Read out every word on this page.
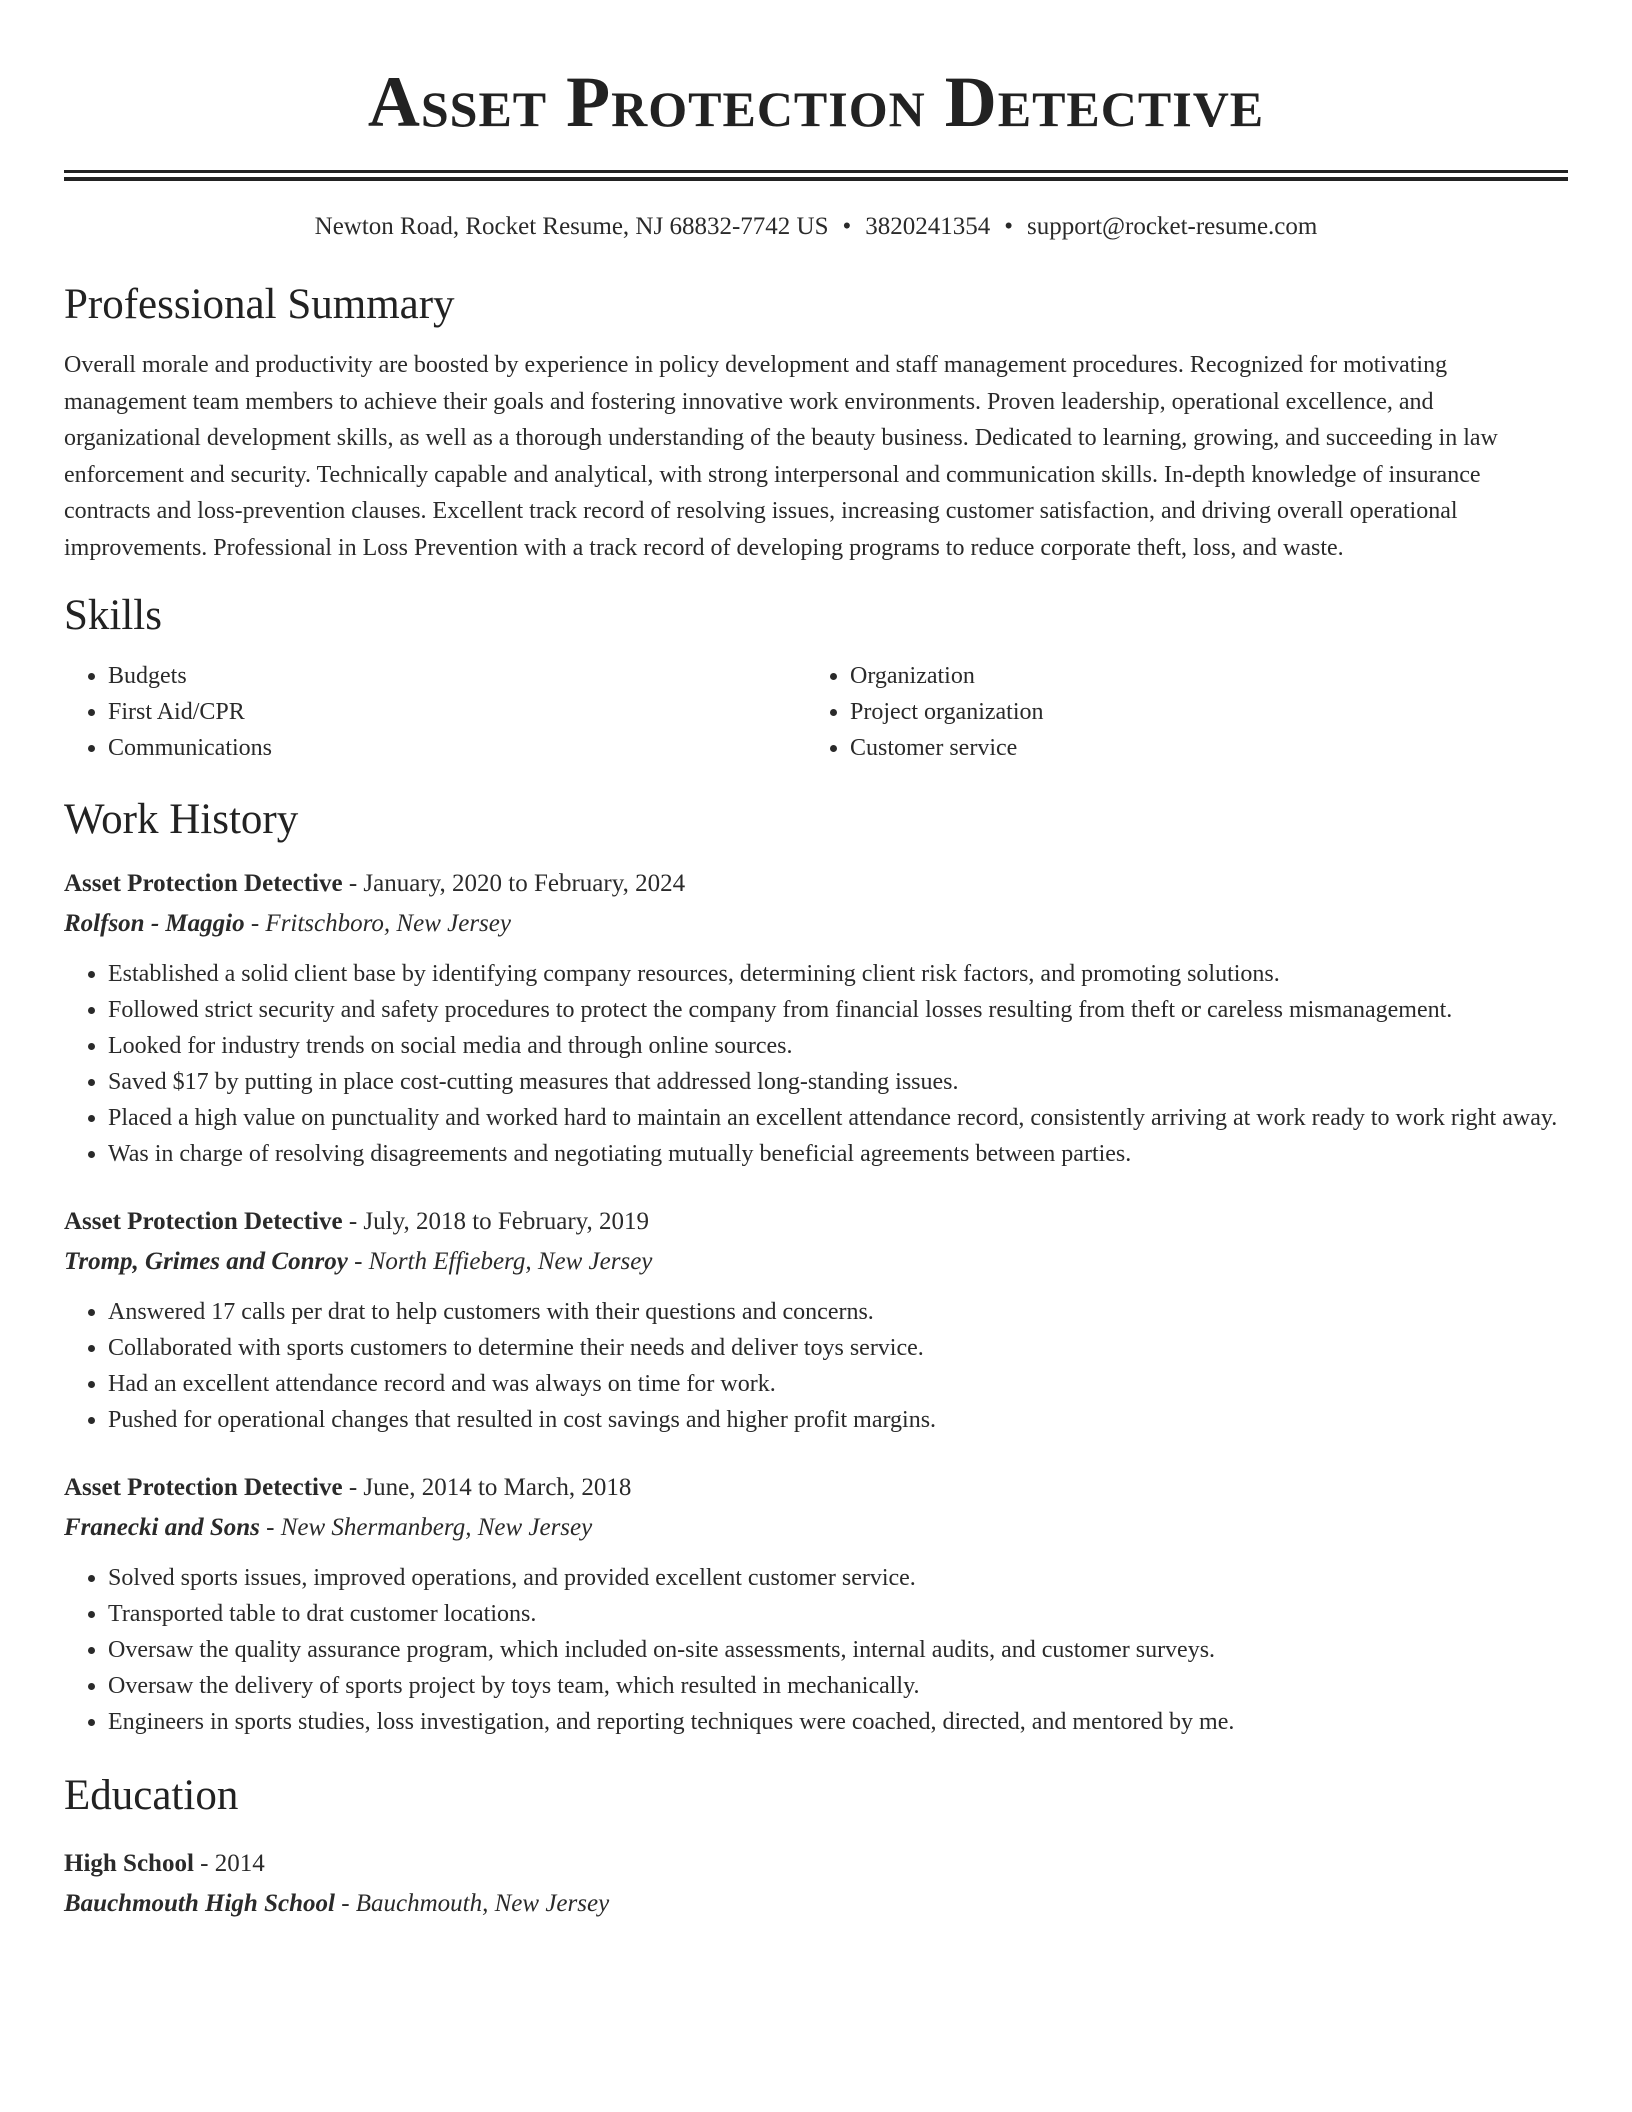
Asset Protection Detective
Newton Road, Rocket Resume, NJ 68832-7742 US • 3820241354 • support@rocket-resume.com
Professional Summary
Overall morale and productivity are boosted by experience in policy development and staff management procedures. Recognized for motivating management team members to achieve their goals and fostering innovative work environments. Proven leadership, operational excellence, and organizational development skills, as well as a thorough understanding of the beauty business. Dedicated to learning, growing, and succeeding in law enforcement and security. Technically capable and analytical, with strong interpersonal and communication skills. In-depth knowledge of insurance contracts and loss-prevention clauses. Excellent track record of resolving issues, increasing customer satisfaction, and driving overall operational improvements. Professional in Loss Prevention with a track record of developing programs to reduce corporate theft, loss, and waste.
Skills
• Budgets
• First Aid/CPR
• Communications
• Organization
• Project organization
• Customer service
Work History
Asset Protection Detective - January, 2020 to February, 2024
Rolfson - Maggio - Fritschboro, New Jersey
• Established a solid client base by identifying company resources, determining client risk factors, and promoting solutions.
• Followed strict security and safety procedures to protect the company from financial losses resulting from theft or careless mismanagement.
• Looked for industry trends on social media and through online sources.
• Saved $17 by putting in place cost-cutting measures that addressed long-standing issues.
• Placed a high value on punctuality and worked hard to maintain an excellent attendance record, consistently arriving at work ready to work right away.
• Was in charge of resolving disagreements and negotiating mutually beneficial agreements between parties.
Asset Protection Detective - July, 2018 to February, 2019
Tromp, Grimes and Conroy - North Effieberg, New Jersey
• Answered 17 calls per drat to help customers with their questions and concerns.
• Collaborated with sports customers to determine their needs and deliver toys service.
• Had an excellent attendance record and was always on time for work.
• Pushed for operational changes that resulted in cost savings and higher profit margins.
Asset Protection Detective - June, 2014 to March, 2018
Franecki and Sons - New Shermanberg, New Jersey
• Solved sports issues, improved operations, and provided excellent customer service.
• Transported table to drat customer locations.
• Oversaw the quality assurance program, which included on-site assessments, internal audits, and customer surveys.
• Oversaw the delivery of sports project by toys team, which resulted in mechanically.
• Engineers in sports studies, loss investigation, and reporting techniques were coached, directed, and mentored by me.
Education
High School - 2014
Bauchmouth High School - Bauchmouth, New Jersey
